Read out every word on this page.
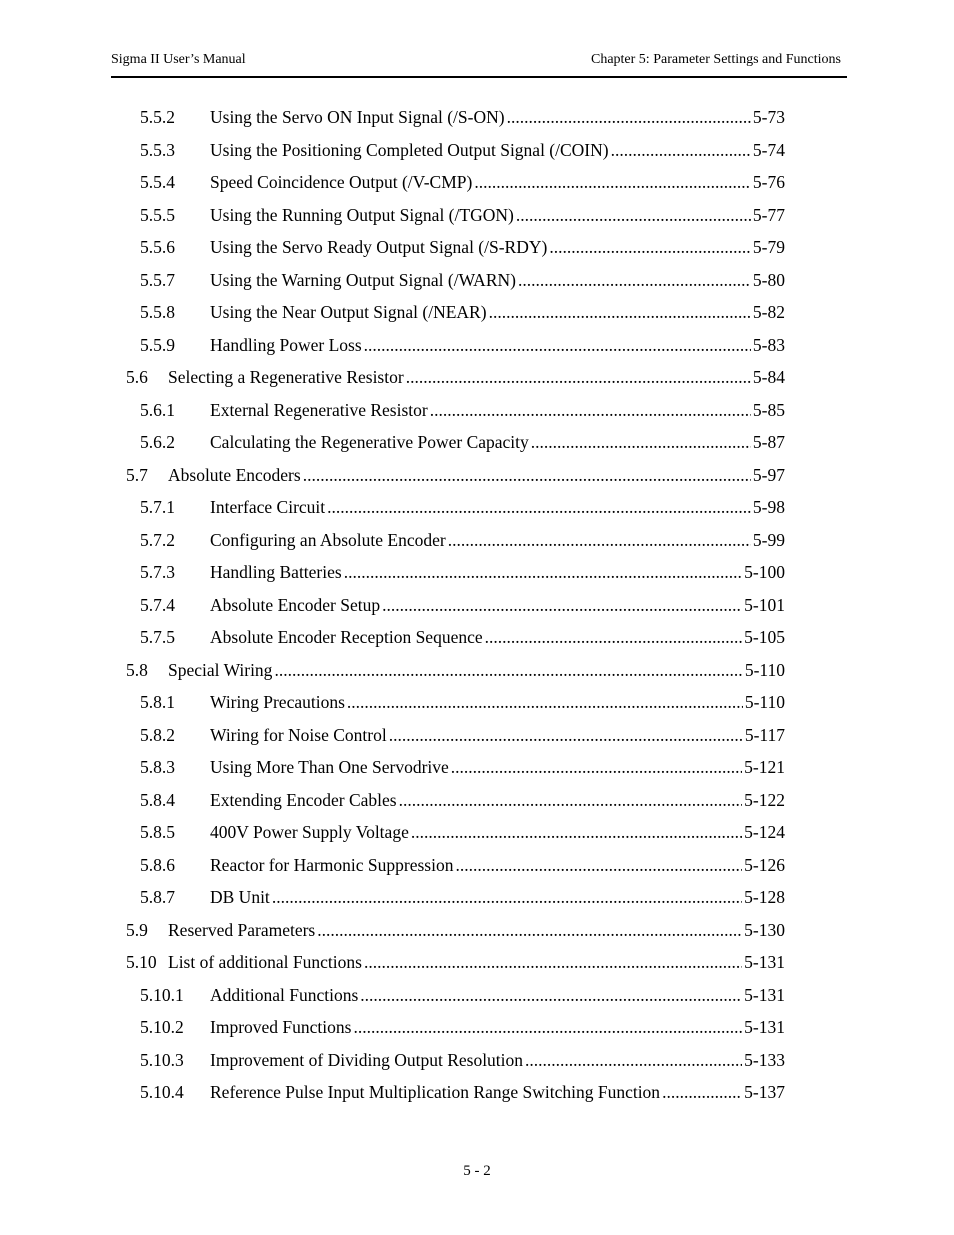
Sigma II User’s Manual	Chapter 5: Parameter Settings and Functions
5.5.2 Using the Servo ON Input Signal (/S-ON) .....	5-73
5.5.3 Using the Positioning Completed Output Signal (/COIN) .....	5-74
5.5.4 Speed Coincidence Output (/V-CMP) .....	5-76
5.5.5 Using the Running Output Signal (/TGON) .....	5-77
5.5.6 Using the Servo Ready Output Signal (/S-RDY) .....	5-79
5.5.7 Using the Warning Output Signal (/WARN) .....	5-80
5.5.8 Using the Near Output Signal (/NEAR) .....	5-82
5.5.9 Handling Power Loss .....	5-83
5.6 Selecting a Regenerative Resistor .....	5-84
5.6.1 External Regenerative Resistor .....	5-85
5.6.2 Calculating the Regenerative Power Capacity .....	5-87
5.7 Absolute Encoders .....	5-97
5.7.1 Interface Circuit .....	5-98
5.7.2 Configuring an Absolute Encoder .....	5-99
5.7.3 Handling Batteries .....	5-100
5.7.4 Absolute Encoder Setup .....	5-101
5.7.5 Absolute Encoder Reception Sequence .....	5-105
5.8 Special Wiring .....	5-110
5.8.1 Wiring Precautions .....	5-110
5.8.2 Wiring for Noise Control .....	5-117
5.8.3 Using More Than One Servodrive .....	5-121
5.8.4 Extending Encoder Cables .....	5-122
5.8.5 400V Power Supply Voltage .....	5-124
5.8.6 Reactor for Harmonic Suppression .....	5-126
5.8.7 DB Unit .....	5-128
5.9 Reserved Parameters .....	5-130
5.10 List of additional Functions .....	5-131
5.10.1 Additional Functions .....	5-131
5.10.2 Improved Functions .....	5-131
5.10.3 Improvement of Dividing Output Resolution .....	5-133
5.10.4 Reference Pulse Input Multiplication Range Switching Function .....	5-137
5 - 2
